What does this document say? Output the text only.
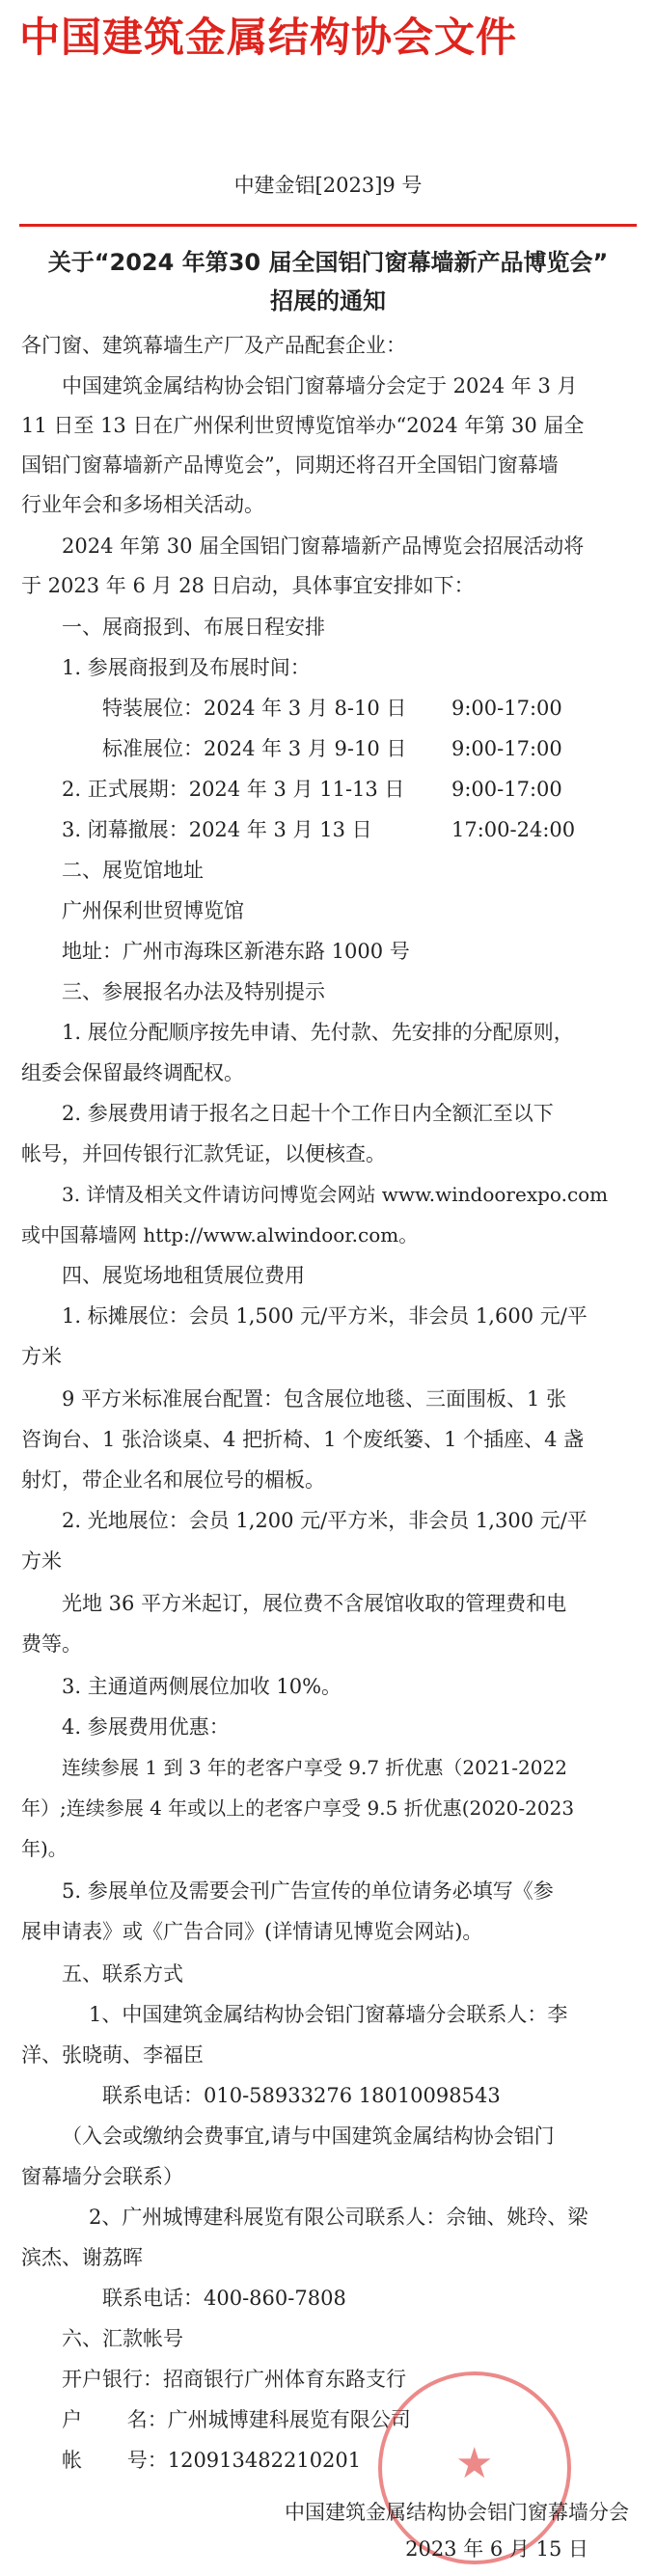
中国建筑金属结构协会文件
中建金铝[2023]9 号
关于“2024 年第30 届全国铝门窗幕墙新产品博览会”
招展的通知
各门窗、建筑幕墙生产厂及产品配套企业：
中国建筑金属结构协会铝门窗幕墙分会定于 2024 年 3 月
11 日至 13 日在广州保利世贸博览馆举办“2024 年第 30 届全
国铝门窗幕墙新产品博览会”，同期还将召开全国铝门窗幕墙
行业年会和多场相关活动。
2024 年第 30 届全国铝门窗幕墙新产品博览会招展活动将
于 2023 年 6 月 28 日启动，具体事宜安排如下：
一、展商报到、布展日程安排
1. 参展商报到及布展时间：
特装展位：2024 年 3 月 8-10 日 9:00-17:00
标准展位：2024 年 3 月 9-10 日 9:00-17:00
2. 正式展期：2024 年 3 月 11-13 日 9:00-17:00
3. 闭幕撤展：2024 年 3 月 13 日	17:00-24:00
二、展览馆地址
广州保利世贸博览馆
地址：广州市海珠区新港东路 1000 号
三、参展报名办法及特别提示
1. 展位分配顺序按先申请、先付款、先安排的分配原则，
组委会保留最终调配权。
2. 参展费用请于报名之日起十个工作日内全额汇至以下
帐号，并回传银行汇款凭证，以便核查。
3. 详情及相关文件请访问博览会网站 www.windoorexpo.com
或中国幕墙网 http://www.alwindoor.com。
四、展览场地租赁展位费用
1. 标摊展位：会员 1,500 元/平方米，非会员 1,600 元/平
方米
9 平方米标准展台配置：包含展位地毯、三面围板、1 张
咨询台、1 张洽谈桌、4 把折椅、1 个废纸篓、1 个插座、4 盏
射灯，带企业名和展位号的楣板。
2. 光地展位：会员 1,200 元/平方米，非会员 1,300 元/平
方米
光地 36 平方米起订，展位费不含展馆收取的管理费和电
费等。
3. 主通道两侧展位加收 10%。
4. 参展费用优惠：
连续参展 1 到 3 年的老客户享受 9.7 折优惠（2021-2022
年）;连续参展 4 年或以上的老客户享受 9.5 折优惠(2020-2023
年)。
5. 参展单位及需要会刊广告宣传的单位请务必填写《参
展申请表》或《广告合同》(详情请见博览会网站)。
五、联系方式
1、中国建筑金属结构协会铝门窗幕墙分会联系人：李
洋、张晓萌、李福臣
联系电话：010-58933276 18010098543
（入会或缴纳会费事宜,请与中国建筑金属结构协会铝门
窗幕墙分会联系）
2、广州城博建科展览有限公司联系人：佘铀、姚玲、梁
滨杰、谢荔晖
联系电话：400-860-7808
六、汇款帐号
开户银行：招商银行广州体育东路支行
户       名：广州城博建科展览有限公司
帐       号：120913482210201 ★
中国建筑金属结构协会铝门窗幕墙分会
2023 年 6 月 15 日
